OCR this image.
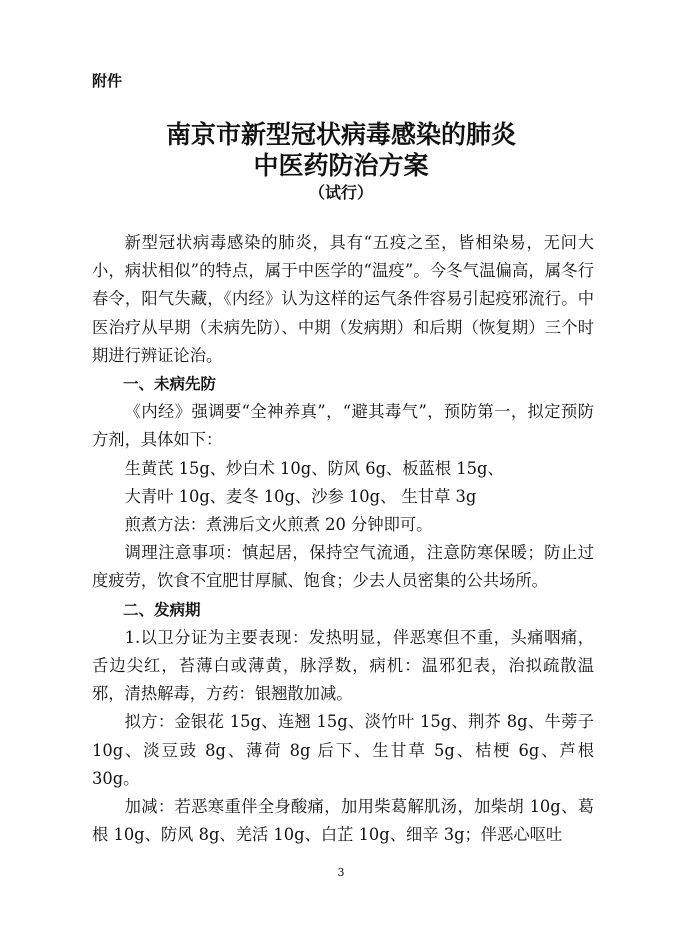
附件
南京市新型冠状病毒感染的肺炎
中医药防治方案
（试行）

新型冠状病毒感染的肺炎，具有“五疫之至，皆相染易，无问大小，病状相似”的特点，属于中医学的“温疫”。今冬气温偏高，属冬行春令，阳气失藏，《内经》认为这样的运气条件容易引起疫邪流行。中医治疗从早期（未病先防）、中期（发病期）和后期（恢复期）三个时期进行辨证论治。

一、未病先防

《内经》强调要“全神养真”，“避其毒气”，预防第一，拟定预防方剂，具体如下：

生黄芪 15g、炒白术 10g、防风 6g、板蓝根 15g、

大青叶 10g、麦冬 10g、沙参 10g、 生甘草 3g

煎煮方法：煮沸后文火煎煮 20 分钟即可。

调理注意事项：慎起居，保持空气流通，注意防寒保暖；防止过度疲劳，饮食不宜肥甘厚腻、饱食；少去人员密集的公共场所。

二、发病期

1.以卫分证为主要表现：发热明显，伴恶寒但不重，头痛咽痛，舌边尖红，苔薄白或薄黄，脉浮数，病机：温邪犯表，治拟疏散温邪，清热解毒，方药：银翘散加减。

拟方：金银花 15g、连翘 15g、淡竹叶 15g、荆芥 8g、牛蒡子 10g、淡豆豉 8g、薄荷 8g 后下、生甘草 5g、桔梗 6g、芦根 30g。

加减：若恶寒重伴全身酸痛，加用柴葛解肌汤，加柴胡 10g、葛根 10g、防风 8g、羌活 10g、白芷 10g、细辛 3g；伴恶心呕吐

3
